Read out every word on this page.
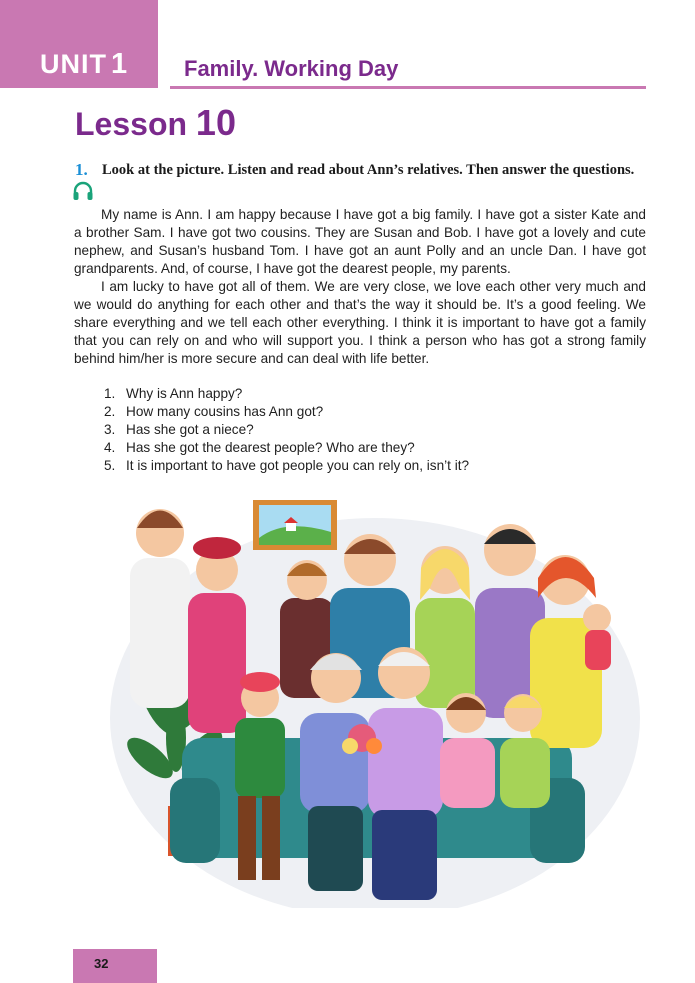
UNIT 1	Family. Working Day
Lesson 10
1. Look at the picture. Listen and read about Ann’s relatives. Then answer the questions.

My name is Ann. I am happy because I have got a big family. I have got a sister Kate and a brother Sam. I have got two cousins. They are Susan and Bob. I have got a lovely and cute nephew, and Susan’s husband Tom. I have got an aunt Polly and an uncle Dan. I have got grandparents. And, of course, I have got the dearest people, my parents.

I am lucky to have got all of them. We are very close, we love each other very much and we would do anything for each other and that’s the way it should be. It’s a good feeling. We share everything and we tell each other everything. I think it is important to have got a family that you can rely on and who will support you. I think a person who has got a strong family behind him/her is more secure and can deal with life better.

1. Why is Ann happy?
2. How many cousins has Ann got?
3. Has she got a niece?
4. Has she got the dearest people? Who are they?
5. It is important to have got people you can rely on, isn’t it?
32
